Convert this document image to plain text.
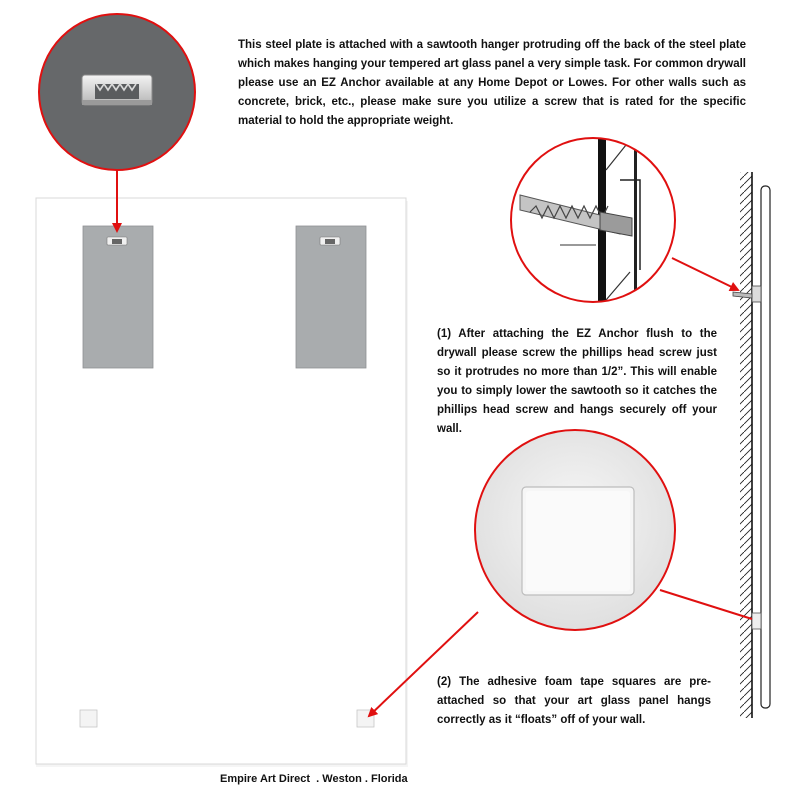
This steel plate is attached with a sawtooth hanger protruding off the back of the steel plate which makes hanging your tempered art glass panel a very simple task. For common drywall please use an EZ Anchor available at any Home Depot or Lowes. For other walls such as concrete, brick, etc., please make sure you utilize a screw that is rated for the specific material to hold the appropriate weight.

(1) After attaching the EZ Anchor flush to the drywall please screw the phillips head screw just so it protrudes no more than 1/2”. This will enable you to simply lower the sawtooth so it catches the phillips head screw and hangs securely off your wall.

(2) The adhesive foam tape squares are pre-attached so that your art glass panel hangs correctly as it “floats” off of your wall.

Empire Art Direct  . Weston . Florida
